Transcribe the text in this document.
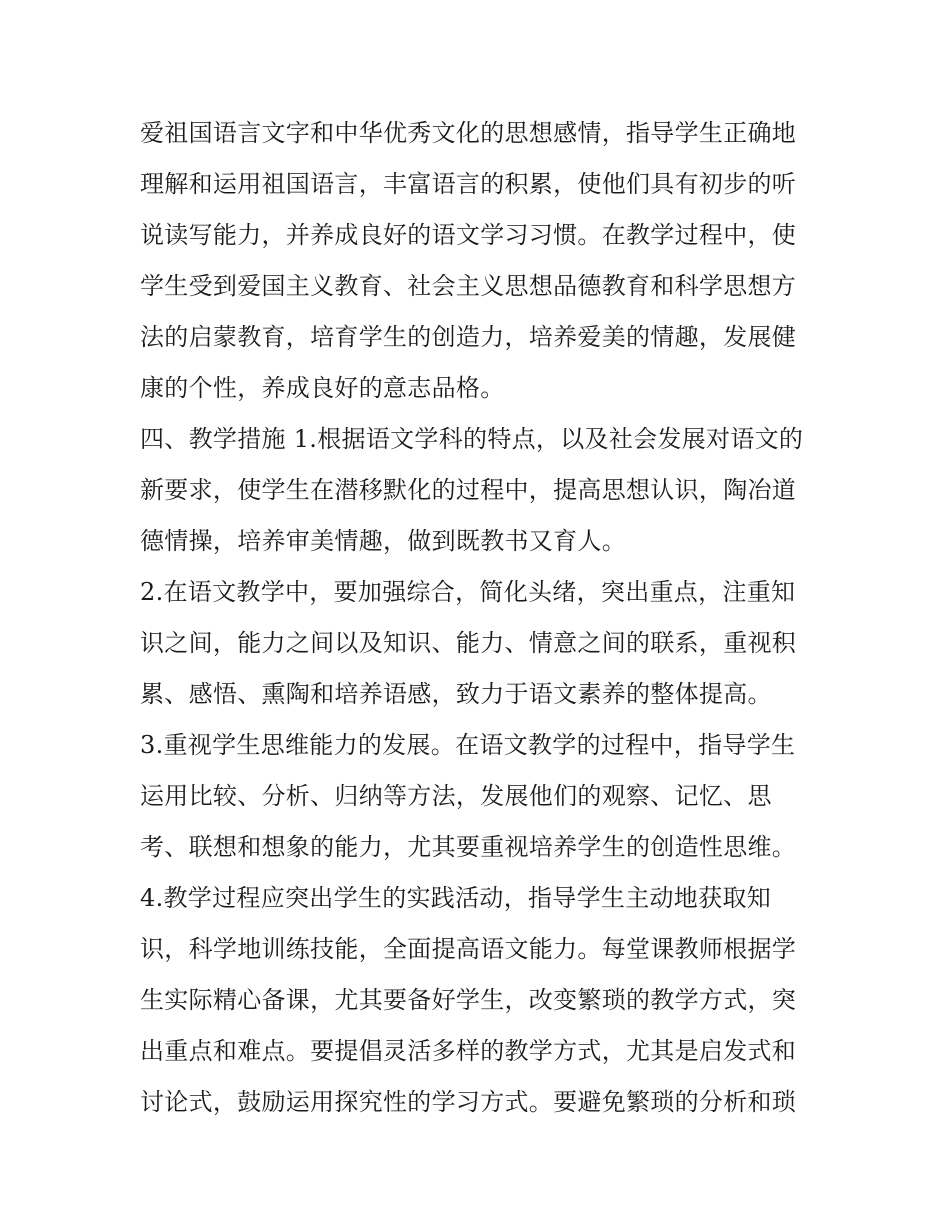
爱祖国语言文字和中华优秀文化的思想感情，指导学生正确地
理解和运用祖国语言，丰富语言的积累，使他们具有初步的听
说读写能力，并养成良好的语文学习习惯。在教学过程中，使
学生受到爱国主义教育、社会主义思想品德教育和科学思想方
法的启蒙教育，培育学生的创造力，培养爱美的情趣，发展健
康的个性，养成良好的意志品格。
四、教学措施 1.根据语文学科的特点，以及社会发展对语文的
新要求，使学生在潜移默化的过程中，提高思想认识，陶冶道
德情操，培养审美情趣，做到既教书又育人。
2.在语文教学中，要加强综合，简化头绪，突出重点，注重知
识之间，能力之间以及知识、能力、情意之间的联系，重视积
累、感悟、熏陶和培养语感，致力于语文素养的整体提高。
3.重视学生思维能力的发展。在语文教学的过程中，指导学生
运用比较、分析、归纳等方法，发展他们的观察、记忆、思
考、联想和想象的能力，尤其要重视培养学生的创造性思维。
4.教学过程应突出学生的实践活动，指导学生主动地获取知
识，科学地训练技能，全面提高语文能力。每堂课教师根据学
生实际精心备课，尤其要备好学生，改变繁琐的教学方式，突
出重点和难点。要提倡灵活多样的教学方式，尤其是启发式和
讨论式，鼓励运用探究性的学习方式。要避免繁琐的分析和琐
